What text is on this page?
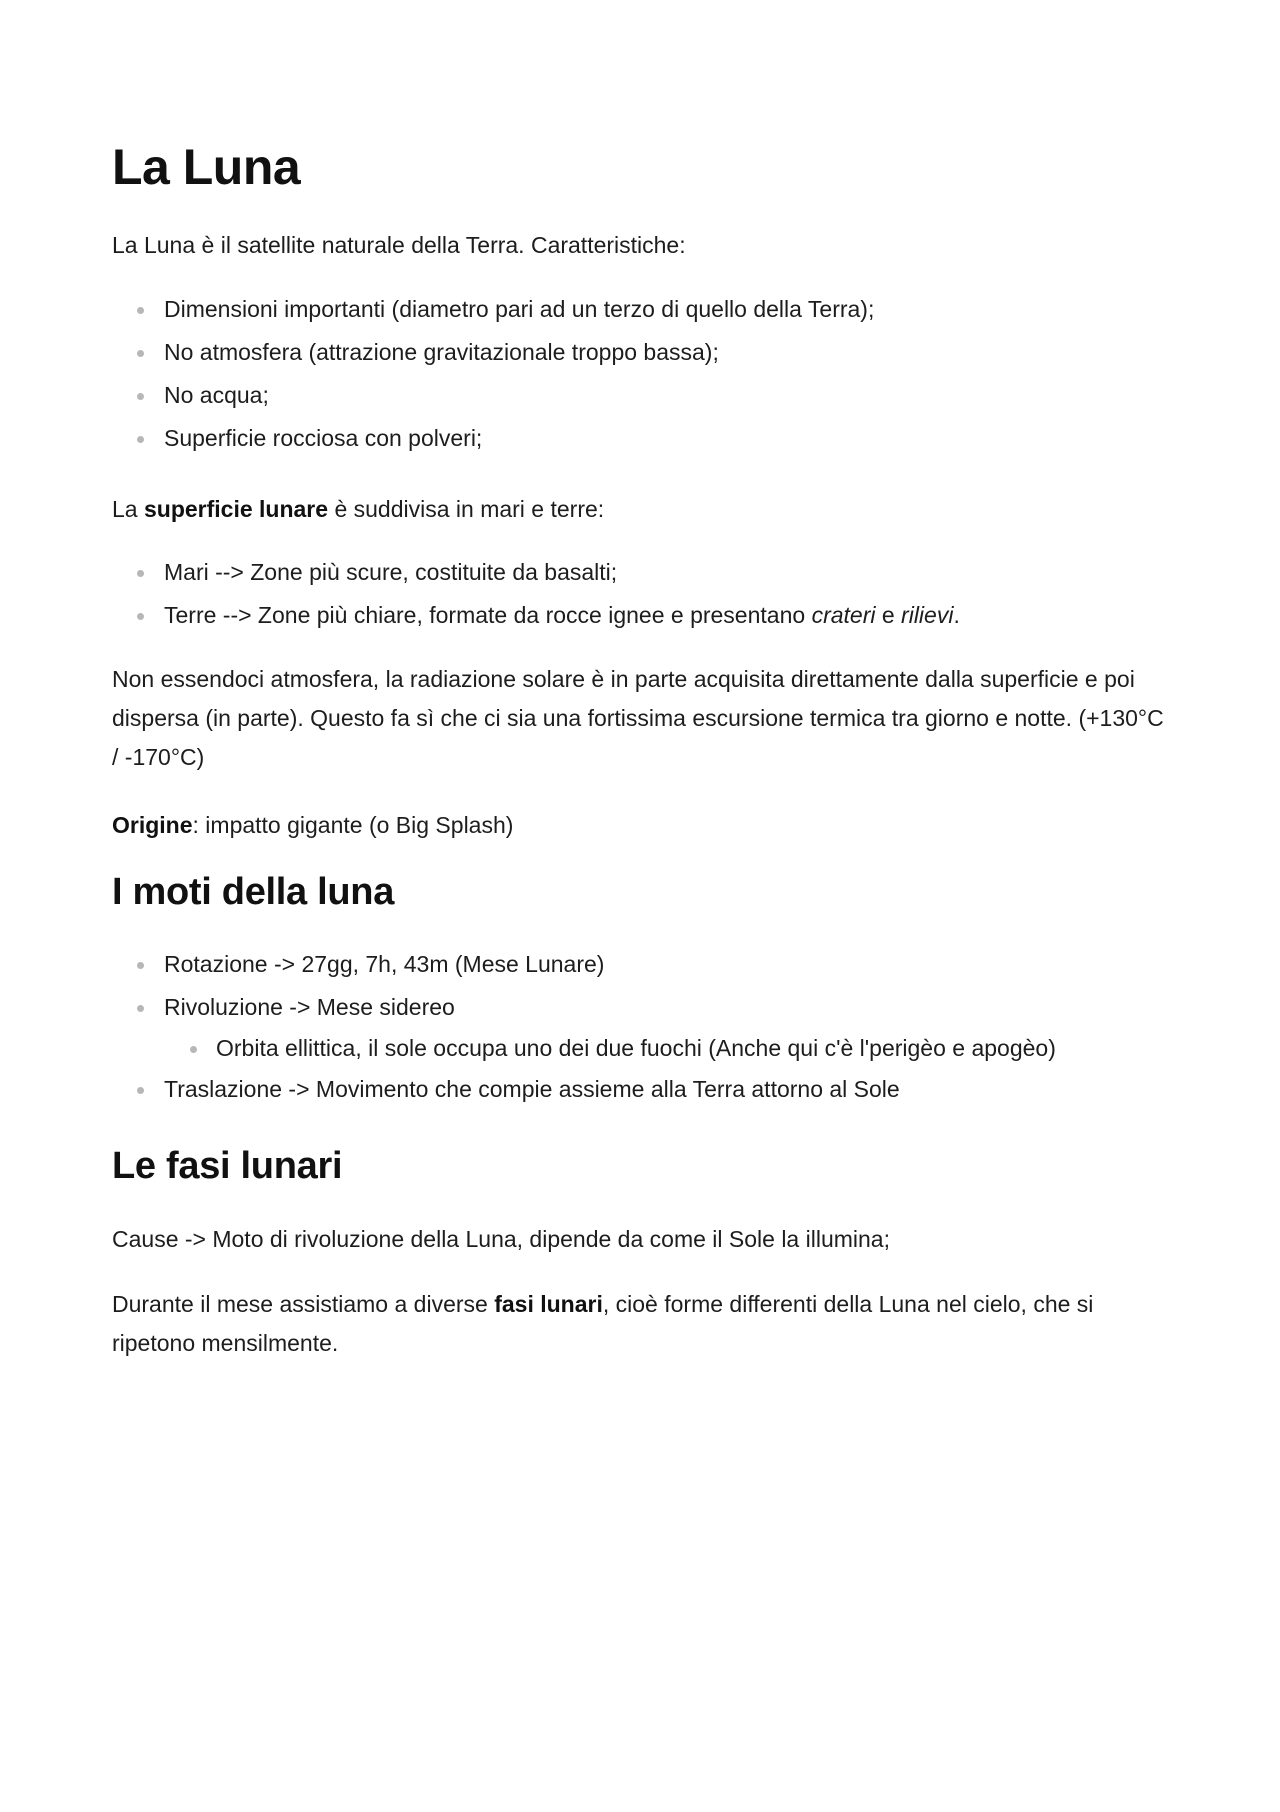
La Luna

La Luna è il satellite naturale della Terra. Caratteristiche:

Dimensioni importanti (diametro pari ad un terzo di quello della Terra);
No atmosfera (attrazione gravitazionale troppo bassa);
No acqua;
Superficie rocciosa con polveri;

La superficie lunare è suddivisa in mari e terre:

Mari --> Zone più scure, costituite da basalti;
Terre --> Zone più chiare, formate da rocce ignee e presentano crateri e rilievi.

Non essendoci atmosfera, la radiazione solare è in parte acquisita direttamente dalla superficie e poi dispersa (in parte). Questo fa sì che ci sia una fortissima escursione termica tra giorno e notte. (+130°C / -170°C)

Origine: impatto gigante (o Big Splash)

I moti della luna
Rotazione -> 27gg, 7h, 43m (Mese Lunare)
Rivoluzione -> Mese sidereo
Orbita ellittica, il sole occupa uno dei due fuochi (Anche qui c'è l'perigèo e apogèo)
Traslazione -> Movimento che compie assieme alla Terra attorno al Sole
Le fasi lunari

Cause -> Moto di rivoluzione della Luna, dipende da come il Sole la illumina;

Durante il mese assistiamo a diverse fasi lunari, cioè forme differenti della Luna nel cielo, che si ripetono mensilmente.
